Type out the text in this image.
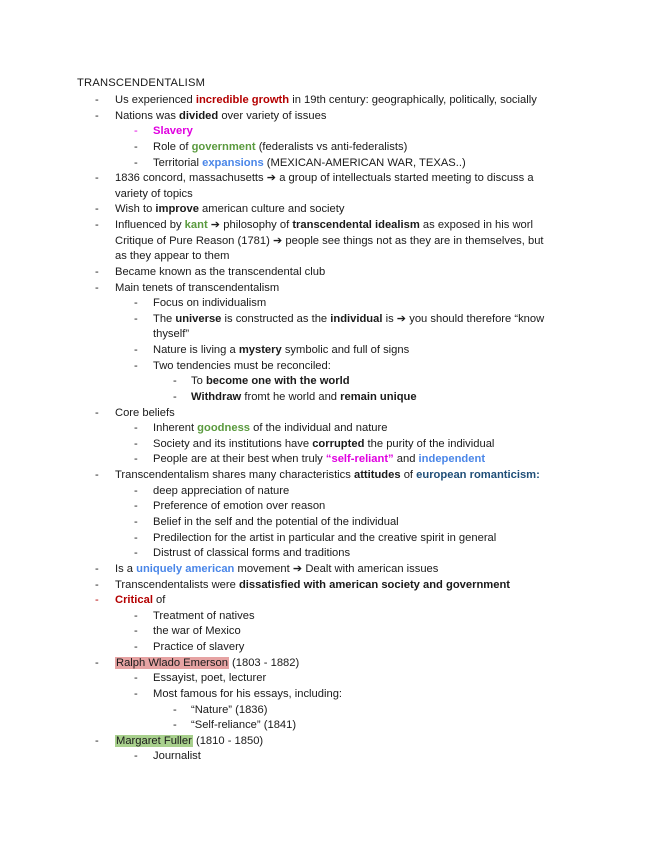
TRANSCENDENTALISM
- Us experienced incredible growth in 19th century: geographically, politically, socially
- Nations was divided over variety of issues
- Slavery
- Role of government (federalists vs anti-federalists)
- Territorial expansions (MEXICAN-AMERICAN WAR, TEXAS..)
- 1836 concord, massachusetts ➔ a group of intellectuals started meeting to discuss a
variety of topics
- Wish to improve american culture and society
- Influenced by kant ➔ philosophy of transcendental idealism as exposed in his worl
Critique of Pure Reason (1781) ➔ people see things not as they are in themselves, but
as they appear to them
- Became known as the transcendental club
- Main tenets of transcendentalism
- Focus on individualism
- The universe is constructed as the individual is ➔ you should therefore “know
thyself”
- Nature is living a mystery symbolic and full of signs
- Two tendencies must be reconciled:
- To become one with the world
- Withdraw fromt he world and remain unique
- Core beliefs
- Inherent goodness of the individual and nature
- Society and its institutions have corrupted the purity of the individual
- People are at their best when truly “self-reliant” and independent
- Transcendentalism shares many characteristics attitudes of european romanticism:
- deep appreciation of nature
- Preference of emotion over reason
- Belief in the self and the potential of the individual
- Predilection for the artist in particular and the creative spirit in general
- Distrust of classical forms and traditions
- Is a uniquely american movement ➔ Dealt with american issues
- Transcendentalists were dissatisfied with american society and government
- Critical of
- Treatment of natives
- the war of Mexico
- Practice of slavery
- Ralph Wlado Emerson (1803 - 1882)
- Essayist, poet, lecturer
- Most famous for his essays, including:
- “Nature” (1836)
- “Self-reliance” (1841)
- Margaret Fuller (1810 - 1850)
- Journalist
